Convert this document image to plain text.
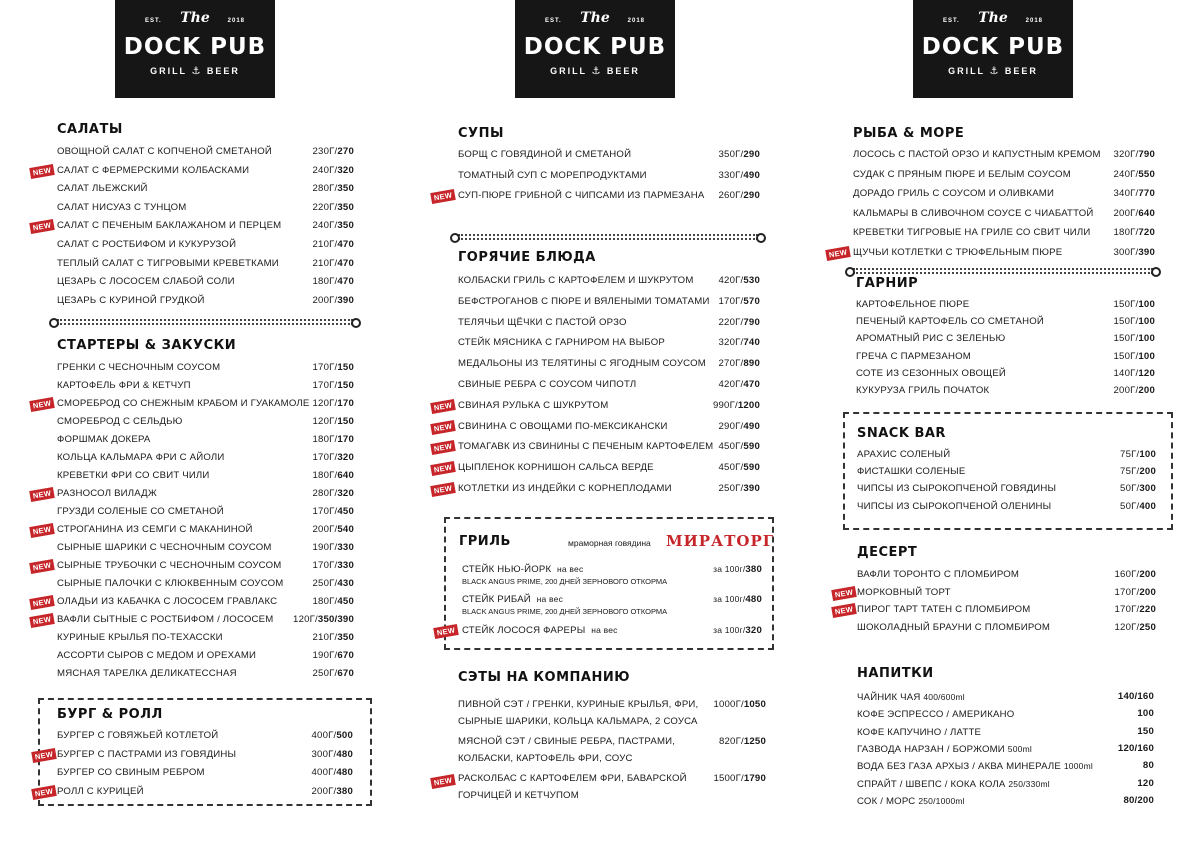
The
EST.	2018
DOCK PUB
GRILL ⚓ BEER
The
EST.	2018
DOCK PUB
GRILL ⚓ BEER
The
EST.	2018
DOCK PUB
GRILL ⚓ BEER
САЛАТЫ
ОВОЩНОЙ САЛАТ С КОПЧЕНОЙ СМЕТАНОЙ	230Г/270
САЛАТ С ФЕРМЕРСКИМИ КОЛБАСКАМИ	240Г/320
NEW
САЛАТ ЛЬЕЖСКИЙ	280Г/350
САЛАТ НИСУАЗ С ТУНЦОМ	220Г/350
САЛАТ С ПЕЧЕНЫМ БАКЛАЖАНОМ И ПЕРЦЕМ	240Г/350
NEW
САЛАТ С РОСТБИФОМ И КУКУРУЗОЙ	210Г/470
ТЕПЛЫЙ САЛАТ С ТИГРОВЫМИ КРЕВЕТКАМИ	210Г/470
ЦЕЗАРЬ С ЛОСОСЕМ СЛАБОЙ СОЛИ	180Г/470
ЦЕЗАРЬ С КУРИНОЙ ГРУДКОЙ	200Г/390
СТАРТЕРЫ & ЗАКУСКИ
ГРЕНКИ С ЧЕСНОЧНЫМ СОУСОМ	170Г/150
КАРТОФЕЛЬ ФРИ & КЕТЧУП	170Г/150
СМОРЕБРОД СО СНЕЖНЫМ КРАБОМ И ГУАКАМОЛЕ 120Г/170
NEW
СМОРЕБРОД С СЕЛЬДЬЮ	120Г/150
ФОРШМАК ДОКЕРА	180Г/170
КОЛЬЦА КАЛЬМАРА ФРИ С АЙОЛИ	170Г/320
КРЕВЕТКИ ФРИ СО СВИТ ЧИЛИ	180Г/640
РАЗНОСОЛ ВИЛАДЖ	280Г/320
NEW
ГРУЗДИ СОЛЕНЫЕ СО СМЕТАНОЙ	170Г/450
СТРОГАНИНА ИЗ СЕМГИ С МАКАНИНОЙ	200Г/540
NEW
СЫРНЫЕ ШАРИКИ С ЧЕСНОЧНЫМ СОУСОМ	190Г/330
СЫРНЫЕ ТРУБОЧКИ С ЧЕСНОЧНЫМ СОУСОМ	170Г/330
NEW
СЫРНЫЕ ПАЛОЧКИ С КЛЮКВЕННЫМ СОУСОМ	250Г/430
ОЛАДЬИ ИЗ КАБАЧКА С ЛОСОСЕМ ГРАВЛАКС	180Г/450
NEW
ВАФЛИ СЫТНЫЕ С РОСТБИФОМ / ЛОСОСЕМ 120Г/350/390
NEW
КУРИНЫЕ КРЫЛЬЯ ПО-ТЕХАССКИ	210Г/350
АССОРТИ СЫРОВ С МЕДОМ И ОРЕХАМИ	190Г/670
МЯСНАЯ ТАРЕЛКА ДЕЛИКАТЕССНАЯ	250Г/670
БУРГ & РОЛЛ
БУРГЕР С ГОВЯЖЬЕЙ КОТЛЕТОЙ	400Г/500
БУРГЕР С ПАСТРАМИ ИЗ ГОВЯДИНЫ	300Г/480
NEW
БУРГЕР СО СВИНЫМ РЕБРОМ	400Г/480
РОЛЛ С КУРИЦЕЙ	200Г/380
NEW
СУПЫ
БОРЩ С ГОВЯДИНОЙ И СМЕТАНОЙ	350Г/290
ТОМАТНЫЙ СУП С МОРЕПРОДУКТАМИ	330Г/490
СУП-ПЮРЕ ГРИБНОЙ С ЧИПСАМИ ИЗ ПАРМЕЗАНА 260Г/290
NEW
ГОРЯЧИЕ БЛЮДА
КОЛБАСКИ ГРИЛЬ С КАРТОФЕЛЕМ И ШУКРУТОМ	420Г/530
БЕФСТРОГАНОВ С ПЮРЕ И ВЯЛЕНЫМИ ТОМАТАМИ 170Г/570
ТЕЛЯЧЬИ ЩЁЧКИ С ПАСТОЙ ОРЗО	220Г/790
СТЕЙК МЯСНИКА С ГАРНИРОМ НА ВЫБОР	320Г/740
МЕДАЛЬОНЫ ИЗ ТЕЛЯТИНЫ С ЯГОДНЫМ СОУСОМ 270Г/890
СВИНЫЕ РЕБРА С СОУСОМ ЧИПОТЛ	420Г/470
СВИНАЯ РУЛЬКА С ШУКРУТОМ	990Г/1200
NEW
СВИНИНА С ОВОЩАМИ ПО-МЕКСИКАНСКИ	290Г/490
NEW
ТОМАГАВК ИЗ СВИНИНЫ С ПЕЧЕНЫМ КАРТОФЕЛЕМ 450Г/590
NEW
ЦЫПЛЕНОК КОРНИШОН САЛЬСА ВЕРДЕ	450Г/590
NEW
КОТЛЕТКИ ИЗ ИНДЕЙКИ С КОРНЕПЛОДАМИ	250Г/390
NEW
ГРИЛЬ	мраморная говядина МИРАТОРГ
СТЕЙК НЬЮ-ЙОРК на вес	за 100г/380
BLACK ANGUS PRIME, 200 ДНЕЙ ЗЕРНОВОГО ОТКОРМА
СТЕЙК РИБАЙ на вес	за 100г/480
BLACK ANGUS PRIME, 200 ДНЕЙ ЗЕРНОВОГО ОТКОРМА
СТЕЙК ЛОСОСЯ ФАРЕРЫ на вес	за 100г/320
NEW
СЭТЫ НА КОМПАНИЮ
ПИВНОЙ СЭТ / ГРЕНКИ, КУРИНЫЕ КРЫЛЬЯ, ФРИ, 1000Г/1050
СЫРНЫЕ ШАРИКИ, КОЛЬЦА КАЛЬМАРА, 2 СОУСА
МЯСНОЙ СЭТ / СВИНЫЕ РЕБРА, ПАСТРАМИ,	820Г/1250
КОЛБАСКИ, КАРТОФЕЛЬ ФРИ, СОУС
РАСКОЛБАС С КАРТОФЕЛЕМ ФРИ, БАВАРСКОЙ	1500Г/1790
ГОРЧИЦЕЙ И КЕТЧУПОМ
NEW
РЫБА & МОРЕ
ЛОСОСЬ С ПАСТОЙ ОРЗО И КАПУСТНЫМ КРЕМОМ 320Г/790
СУДАК С ПРЯНЫМ ПЮРЕ И БЕЛЫМ СОУСОМ	240Г/550
ДОРАДО ГРИЛЬ С СОУСОМ И ОЛИВКАМИ	340Г/770
КАЛЬМАРЫ В СЛИВОЧНОМ СОУСЕ С ЧИАБАТТОЙ 200Г/640
КРЕВЕТКИ ТИГРОВЫЕ НА ГРИЛЕ СО СВИТ ЧИЛИ 180Г/720
ЩУЧЬИ КОТЛЕТКИ С ТРЮФЕЛЬНЫМ ПЮРЕ	300Г/390
NEW
ГАРНИР
КАРТОФЕЛЬНОЕ ПЮРЕ	150Г/100
ПЕЧЕНЫЙ КАРТОФЕЛЬ СО СМЕТАНОЙ	150Г/100
АРОМАТНЫЙ РИС С ЗЕЛЕНЬЮ	150Г/100
ГРЕЧА С ПАРМЕЗАНОМ	150Г/100
СОТЕ ИЗ СЕЗОННЫХ ОВОЩЕЙ	140Г/120
КУКУРУЗА ГРИЛЬ ПОЧАТОК	200Г/200
SNACK BAR
АРАХИС СОЛЕНЫЙ	75Г/100
ФИСТАШКИ СОЛЕНЫЕ	75Г/200
ЧИПСЫ ИЗ СЫРОКОПЧЕНОЙ ГОВЯДИНЫ	50Г/300
ЧИПСЫ ИЗ СЫРОКОПЧЕНОЙ ОЛЕНИНЫ	50Г/400
ДЕСЕРТ
ВАФЛИ ТОРОНТО С ПЛОМБИРОМ	160Г/200
МОРКОВНЫЙ ТОРТ	170Г/200
NEW
ПИРОГ ТАРТ ТАТЕН С ПЛОМБИРОМ	170Г/220
NEW
ШОКОЛАДНЫЙ БРАУНИ С ПЛОМБИРОМ	120Г/250
НАПИТКИ
ЧАЙНИК ЧАЯ 400/600ml	140/160
КОФЕ ЭСПРЕССО / АМЕРИКАНО	100
КОФЕ КАПУЧИНО / ЛАТТЕ	150
ГАЗВОДА НАРЗАН / БОРЖОМИ 500ml	120/160
ВОДА БЕЗ ГАЗА АРХЫЗ / АКВА МИНЕРАЛЕ 1000ml	80
СПРАЙТ / ШВЕПС / КОКА КОЛА 250/330ml	120
СОК / МОРС 250/1000ml	80/200
